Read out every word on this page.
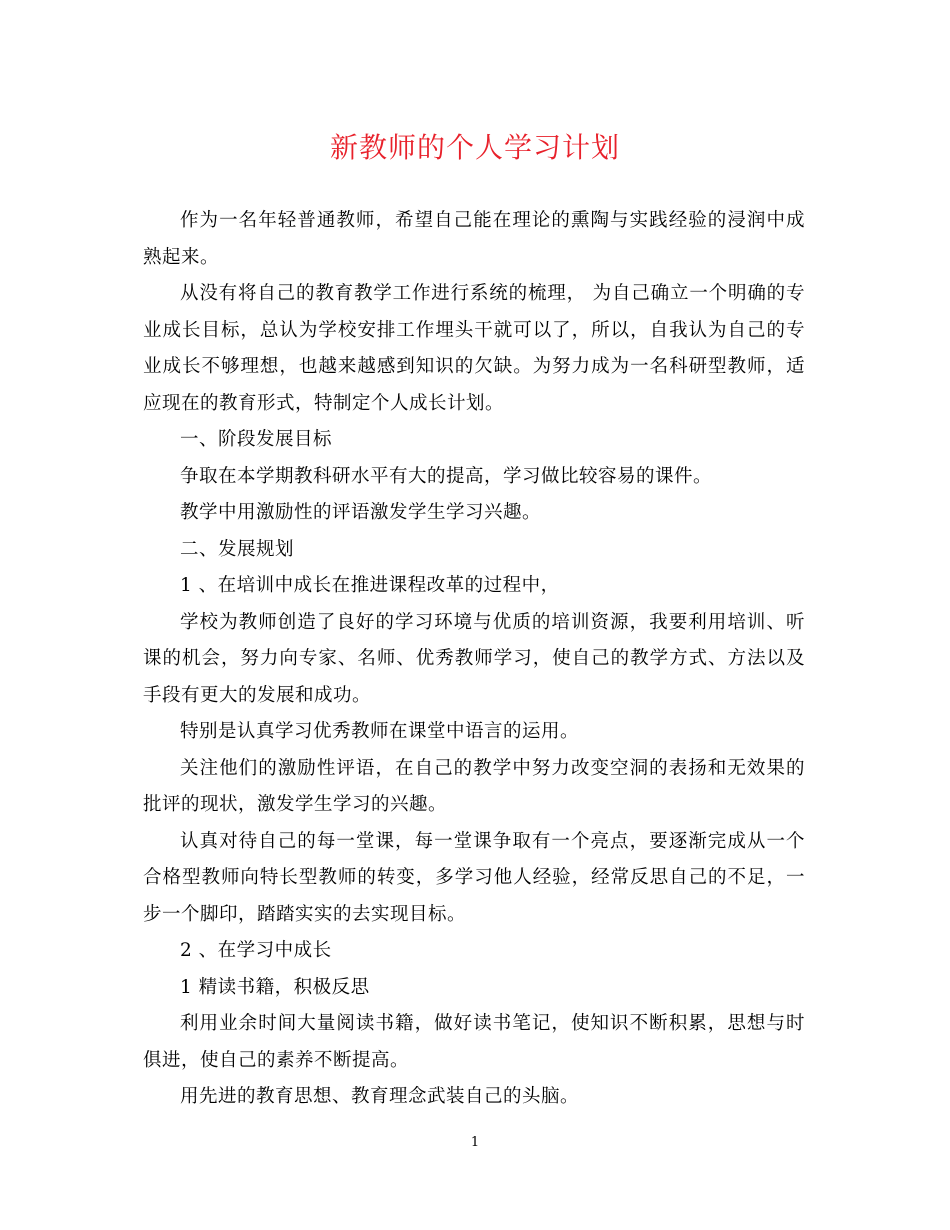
新教师的个人学习计划

作为一名年轻普通教师，希望自己能在理论的熏陶与实践经验的浸润中成熟起来。

从没有将自己的教育教学工作进行系统的梳理， 为自己确立一个明确的专业成长目标，总认为学校安排工作埋头干就可以了，所以，自我认为自己的专业成长不够理想，也越来越感到知识的欠缺。为努力成为一名科研型教师，适应现在的教育形式，特制定个人成长计划。

一、阶段发展目标

争取在本学期教科研水平有大的提高，学习做比较容易的课件。

教学中用激励性的评语激发学生学习兴趣。

二、发展规划

1 、在培训中成长在推进课程改革的过程中，

学校为教师创造了良好的学习环境与优质的培训资源，我要利用培训、听课的机会，努力向专家、名师、优秀教师学习，使自己的教学方式、方法以及手段有更大的发展和成功。

特别是认真学习优秀教师在课堂中语言的运用。

关注他们的激励性评语，在自己的教学中努力改变空洞的表扬和无效果的批评的现状，激发学生学习的兴趣。

认真对待自己的每一堂课，每一堂课争取有一个亮点，要逐渐完成从一个合格型教师向特长型教师的转变，多学习他人经验，经常反思自己的不足，一步一个脚印，踏踏实实的去实现目标。

2 、在学习中成长

1 精读书籍，积极反思

利用业余时间大量阅读书籍，做好读书笔记，使知识不断积累，思想与时俱进，使自己的素养不断提高。

用先进的教育思想、教育理念武装自己的头脑。

1
